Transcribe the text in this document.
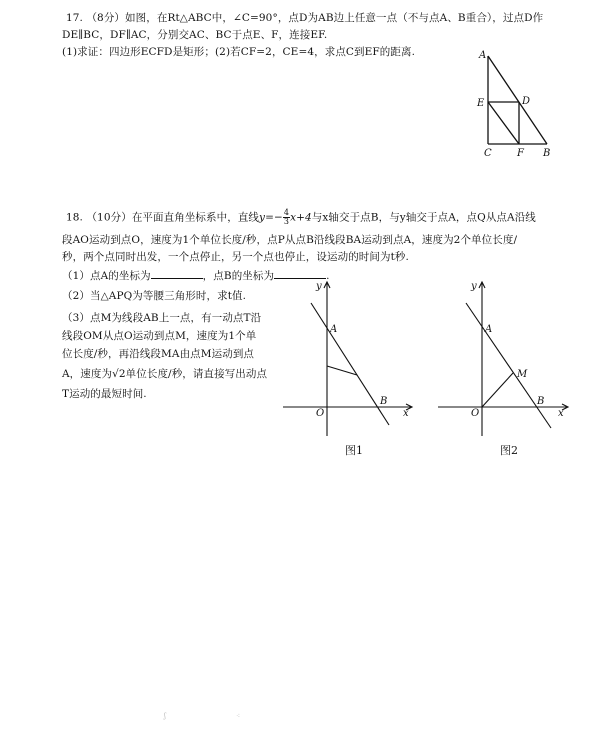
17. （8分）如图，在Rt△ABC中，∠C=90°，点D为AB边上任意一点（不与点A、B重合），过点D作
DE∥BC，DF∥AC，分别交AC、BC于点E、F，连接EF.
(1)求证：四边形ECFD是矩形；(2)若CF=2，CE=4，求点C到EF的距离.	A
D
E
C	F B
18. （10分）在平面直角坐标系中，直线$y=- \frac{4}{3} x+4$与x轴交于点B，与y轴交于点A，点Q从点A沿线
段AO运动到点O，速度为1个单位长度/秒，点P从点B沿线段BA运动到点A，速度为2个单位长度/
秒，两个点同时出发，一个点停止，另一个点也停止，设运动的时间为t秒.
（1）点A的坐标为	，点B的坐标为	.
（2）当△APQ为等腰三角形时，求t值.
（3）点M为线段AB上一点，有一动点T沿
线段OM从点O运动到点M，速度为1个单
位长度/秒，再沿线段MA由点M运动到点
A，速度为√2单位长度/秒，请直接写出动点
T运动的最短时间.
y
A
O
B
x
图1
y
A
M
O
B
x
图2
ʃ	⁖
